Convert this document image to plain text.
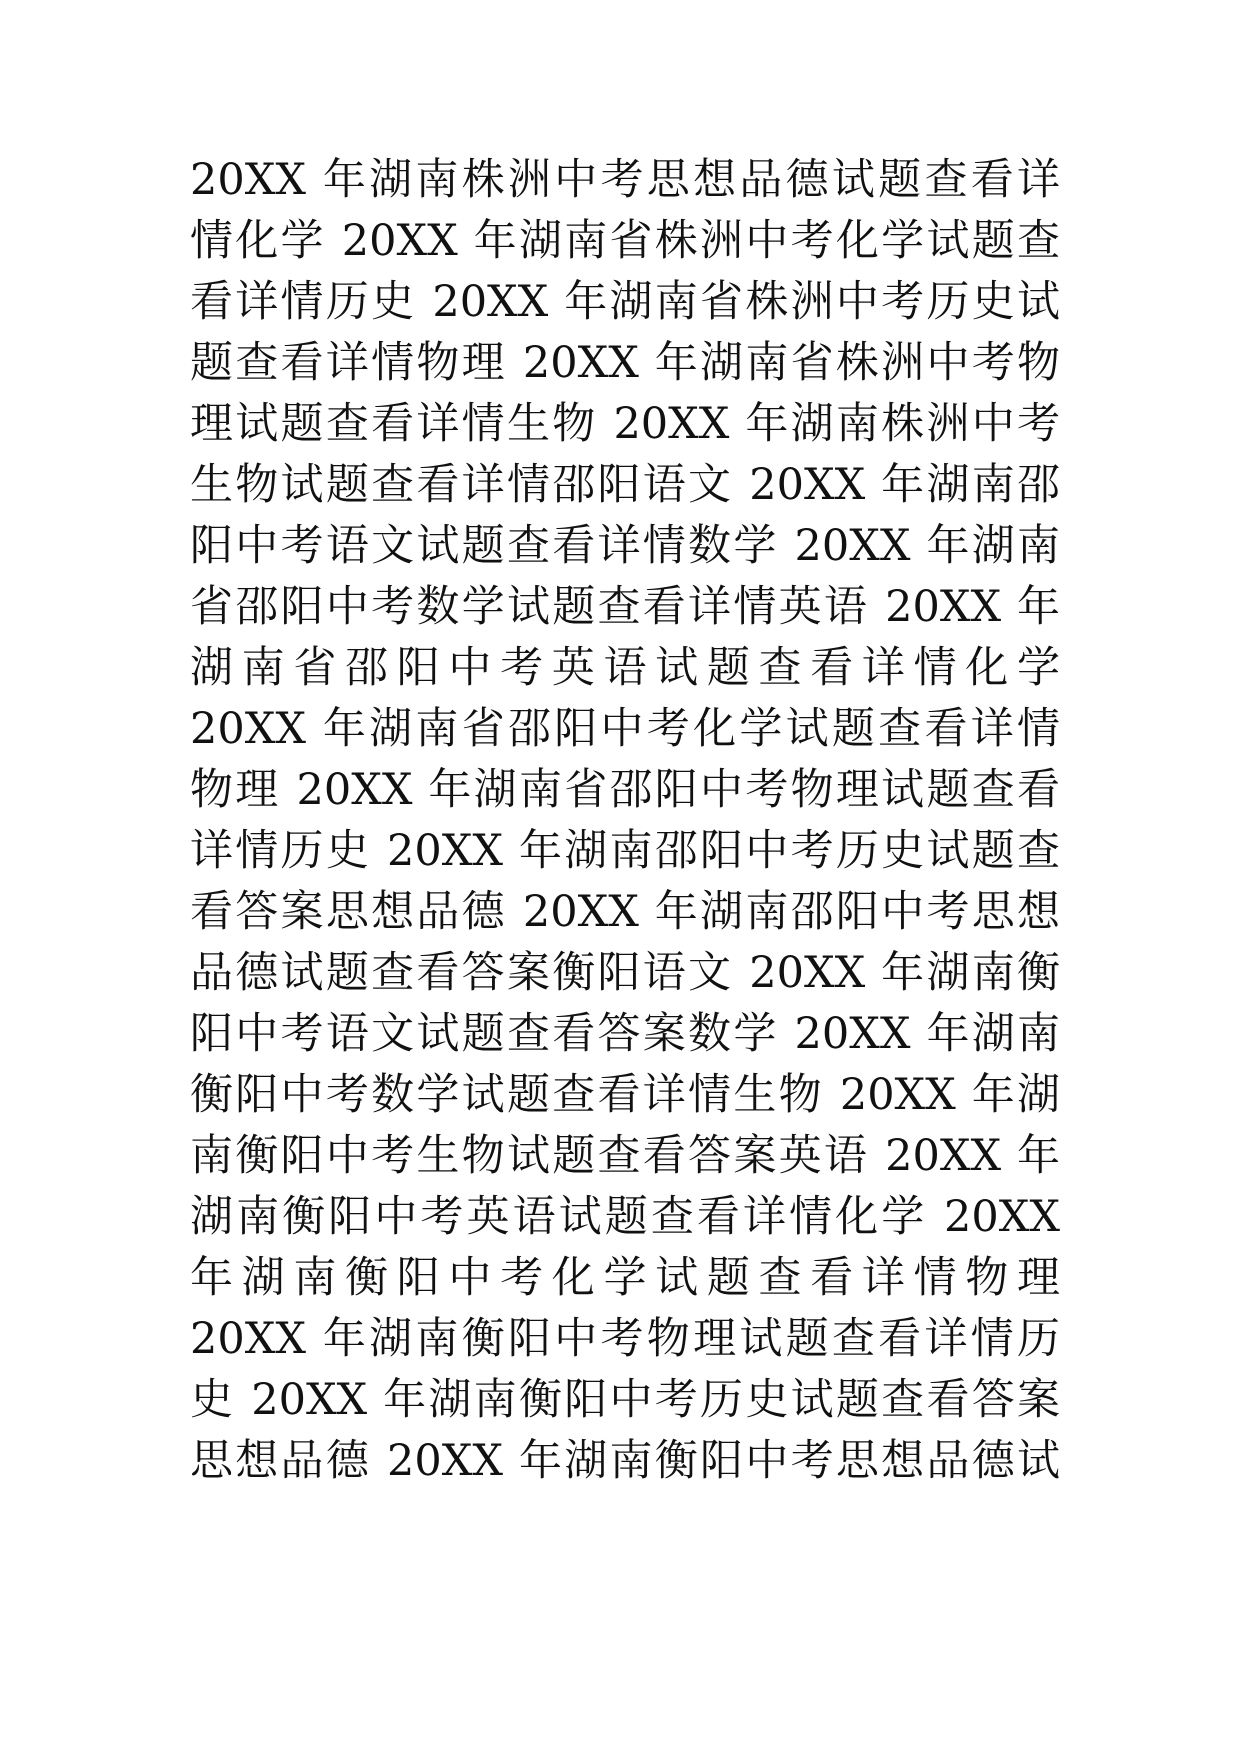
20XX 年湖南株洲中考思想品德试题查看详
情化学 20XX 年湖南省株洲中考化学试题查
看详情历史 20XX 年湖南省株洲中考历史试
题查看详情物理 20XX 年湖南省株洲中考物
理试题查看详情生物 20XX 年湖南株洲中考
生物试题查看详情邵阳语文 20XX 年湖南邵
阳中考语文试题查看详情数学 20XX 年湖南
省邵阳中考数学试题查看详情英语 20XX 年
湖南省邵阳中考英语试题查看详情化学
20XX 年湖南省邵阳中考化学试题查看详情
物理 20XX 年湖南省邵阳中考物理试题查看
详情历史 20XX 年湖南邵阳中考历史试题查
看答案思想品德 20XX 年湖南邵阳中考思想
品德试题查看答案衡阳语文 20XX 年湖南衡
阳中考语文试题查看答案数学 20XX 年湖南
衡阳中考数学试题查看详情生物 20XX 年湖
南衡阳中考生物试题查看答案英语 20XX 年
湖南衡阳中考英语试题查看详情化学 20XX
年湖南衡阳中考化学试题查看详情物理
20XX 年湖南衡阳中考物理试题查看详情历
史 20XX 年湖南衡阳中考历史试题查看答案
思想品德 20XX 年湖南衡阳中考思想品德试
